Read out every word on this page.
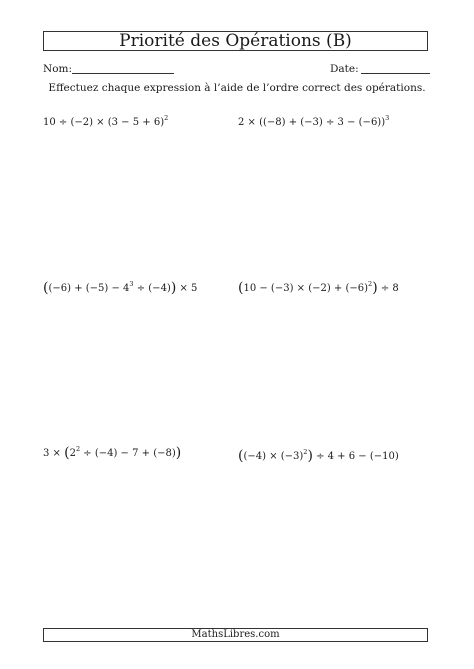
Priorité des Opérations (B)
Nom:	Date:
Effectuez chaque expression à l’aide de l’ordre correct des opérations.
$10 \div (-2) \times (3 - 5 + 6)^2$	$2 \times ((-8) + (-3) \div 3 - (-6))^3$
$((-6) + (-5) - 4^3 \div (-4)) \times 5$	$(10 - (-3) \times (-2) + (-6)^2) \div 8$
$3 \times (2^2 \div (-4) - 7 + (-8))$	$((-4) \times (-3)^2) \div 4 + 6 - (-10)$
MathsLibres.com
